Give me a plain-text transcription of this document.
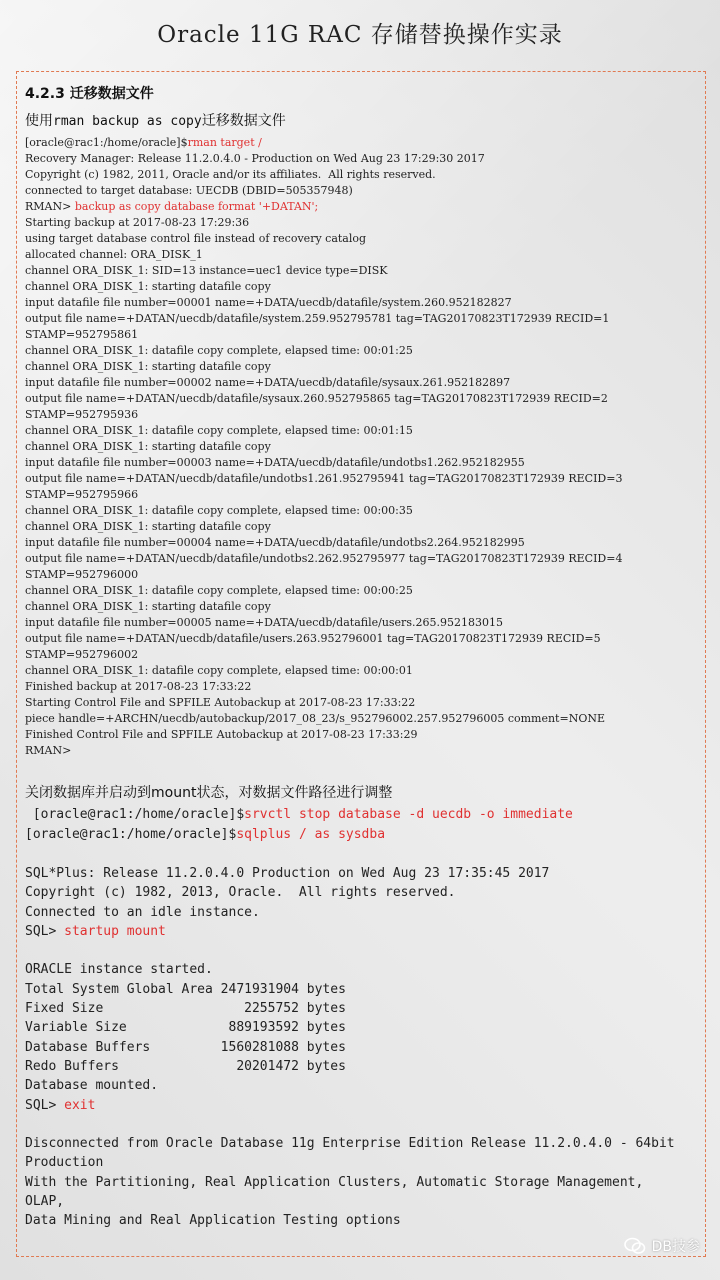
Oracle 11G RAC 存储替换操作实录
4.2.3 迁移数据文件
使用rman backup as copy迁移数据文件
[oracle@rac1:/home/oracle]$rman target /
Recovery Manager: Release 11.2.0.4.0 - Production on Wed Aug 23 17:29:30 2017
Copyright (c) 1982, 2011, Oracle and/or its affiliates.  All rights reserved.
connected to target database: UECDB (DBID=505357948)
RMAN> backup as copy database format '+DATAN';
Starting backup at 2017-08-23 17:29:36
using target database control file instead of recovery catalog
allocated channel: ORA_DISK_1
channel ORA_DISK_1: SID=13 instance=uec1 device type=DISK
channel ORA_DISK_1: starting datafile copy
input datafile file number=00001 name=+DATA/uecdb/datafile/system.260.952182827
output file name=+DATAN/uecdb/datafile/system.259.952795781 tag=TAG20170823T172939 RECID=1
STAMP=952795861
channel ORA_DISK_1: datafile copy complete, elapsed time: 00:01:25
channel ORA_DISK_1: starting datafile copy
input datafile file number=00002 name=+DATA/uecdb/datafile/sysaux.261.952182897
output file name=+DATAN/uecdb/datafile/sysaux.260.952795865 tag=TAG20170823T172939 RECID=2
STAMP=952795936
channel ORA_DISK_1: datafile copy complete, elapsed time: 00:01:15
channel ORA_DISK_1: starting datafile copy
input datafile file number=00003 name=+DATA/uecdb/datafile/undotbs1.262.952182955
output file name=+DATAN/uecdb/datafile/undotbs1.261.952795941 tag=TAG20170823T172939 RECID=3
STAMP=952795966
channel ORA_DISK_1: datafile copy complete, elapsed time: 00:00:35
channel ORA_DISK_1: starting datafile copy
input datafile file number=00004 name=+DATA/uecdb/datafile/undotbs2.264.952182995
output file name=+DATAN/uecdb/datafile/undotbs2.262.952795977 tag=TAG20170823T172939 RECID=4
STAMP=952796000
channel ORA_DISK_1: datafile copy complete, elapsed time: 00:00:25
channel ORA_DISK_1: starting datafile copy
input datafile file number=00005 name=+DATA/uecdb/datafile/users.265.952183015
output file name=+DATAN/uecdb/datafile/users.263.952796001 tag=TAG20170823T172939 RECID=5
STAMP=952796002
channel ORA_DISK_1: datafile copy complete, elapsed time: 00:00:01
Finished backup at 2017-08-23 17:33:22
Starting Control File and SPFILE Autobackup at 2017-08-23 17:33:22
piece handle=+ARCHN/uecdb/autobackup/2017_08_23/s_952796002.257.952796005 comment=NONE
Finished Control File and SPFILE Autobackup at 2017-08-23 17:33:29
RMAN>
关闭数据库并启动到mount状态，对数据文件路径进行调整
[oracle@rac1:/home/oracle]$srvctl stop database -d uecdb -o immediate
[oracle@rac1:/home/oracle]$sqlplus / as sysdba
SQL*Plus: Release 11.2.0.4.0 Production on Wed Aug 23 17:35:45 2017
Copyright (c) 1982, 2013, Oracle.  All rights reserved.
Connected to an idle instance.
SQL> startup mount
ORACLE instance started.
Total System Global Area 2471931904 bytes
Fixed Size                  2255752 bytes
Variable Size             889193592 bytes
Database Buffers         1560281088 bytes
Redo Buffers               20201472 bytes
Database mounted.
SQL> exit
Disconnected from Oracle Database 11g Enterprise Edition Release 11.2.0.4.0 - 64bit
Production
With the Partitioning, Real Application Clusters, Automatic Storage Management,
OLAP,
Data Mining and Real Application Testing options
DB技参
